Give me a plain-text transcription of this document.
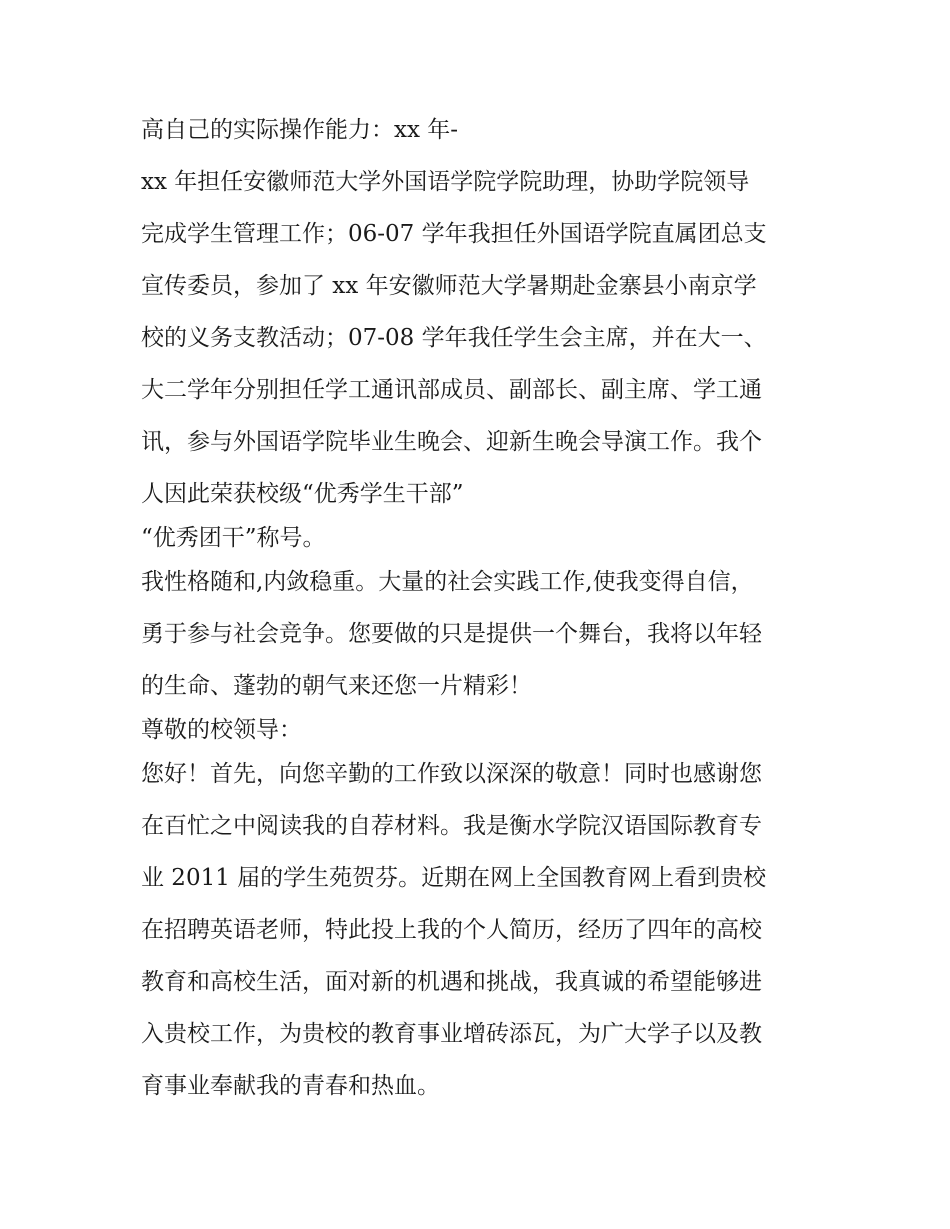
高自己的实际操作能力：xx 年-
xx 年担任安徽师范大学外国语学院学院助理，协助学院领导
完成学生管理工作；06-07 学年我担任外国语学院直属团总支
宣传委员，参加了 xx 年安徽师范大学暑期赴金寨县小南京学
校的义务支教活动；07-08 学年我任学生会主席，并在大一、
大二学年分别担任学工通讯部成员、副部长、副主席、学工通
讯，参与外国语学院毕业生晚会、迎新生晚会导演工作。我个
人因此荣获校级“优秀学生干部”
“优秀团干”称号。
我性格随和,内敛稳重。大量的社会实践工作,使我变得自信，
勇于参与社会竞争。您要做的只是提供一个舞台，我将以年轻
的生命、蓬勃的朝气来还您一片精彩！
尊敬的校领导：
您好！首先，向您辛勤的工作致以深深的敬意！同时也感谢您
在百忙之中阅读我的自荐材料。我是衡水学院汉语国际教育专
业 2011 届的学生苑贺芬。近期在网上全国教育网上看到贵校
在招聘英语老师，特此投上我的个人简历，经历了四年的高校
教育和高校生活，面对新的机遇和挑战，我真诚的希望能够进
入贵校工作，为贵校的教育事业增砖添瓦，为广大学子以及教
育事业奉献我的青春和热血。
